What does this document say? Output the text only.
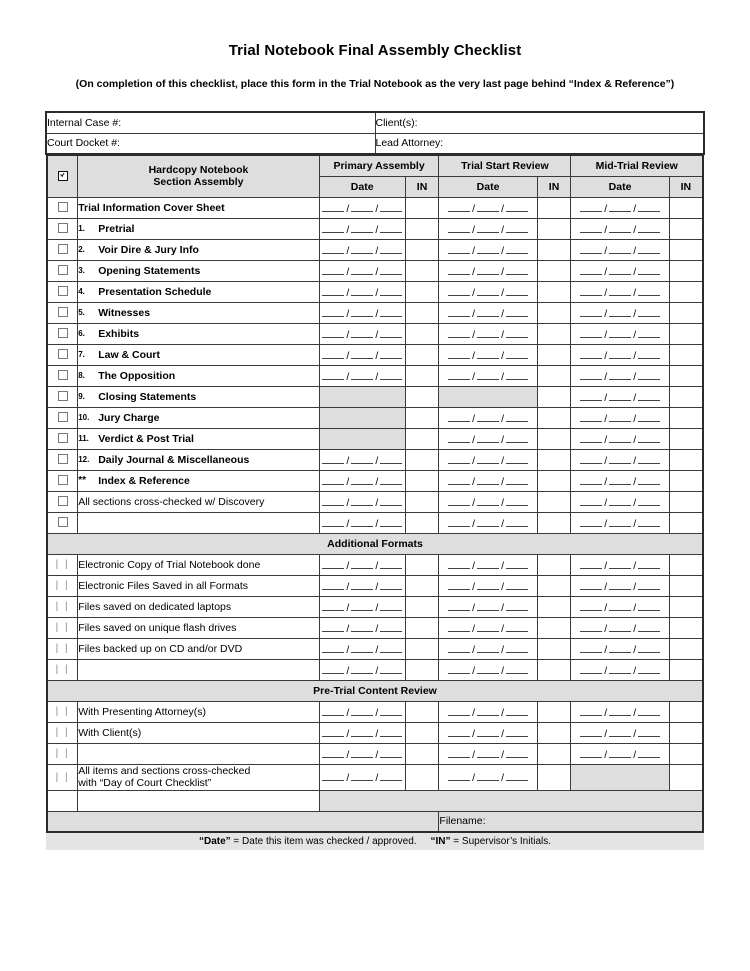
Trial Notebook Final Assembly Checklist

(On completion of this checklist, place this form in the Trial Notebook as the very last page behind “Index & Reference”)

Internal Case #:	Client(s):
Court Docket #:	Lead Attorney:

	Hardcopy Notebook
Section Assembly	Primary Assembly		Trial Start Review		Mid-Trial Review	
		Date	IN	Date	IN	Date	IN
	Trial Information Cover Sheet	/ /		/ /		/ /	
	1. Pretrial	/ /		/ /		/ /	
	2. Voir Dire & Jury Info	/ /		/ /		/ /	
	3. Opening Statements	/ /		/ /		/ /	
	4. Presentation Schedule	/ /		/ /		/ /	
	5. Witnesses	/ /		/ /		/ /	
	6. Exhibits	/ /		/ /		/ /	
	7. Law & Court	/ /		/ /		/ /	
	8. The Opposition	/ /		/ /		/ /	
	9. Closing Statements					/ /	
	10. Jury Charge			/ /		/ /	
	11. Verdict & Post Trial			/ /		/ /	
	12. Daily Journal & Miscellaneous	/ /		/ /		/ /	
	** Index & Reference	/ /		/ /		/ /	
	All sections cross-checked w/ Discovery	/ /		/ /		/ /	
		/ /		/ /		/ /	
Additional Formats							
| |	Electronic Copy of Trial Notebook done	/ /		/ /		/ /	
| |	Electronic Files Saved in all Formats	/ /		/ /		/ /	
| |	Files saved on dedicated laptops	/ /		/ /		/ /	
| |	Files saved on unique flash drives	/ /		/ /		/ /	
| |	Files backed up on CD and/or DVD	/ /		/ /		/ /	
| |		/ /		/ /		/ /	
Pre-Trial Content Review							
| |	With Presenting Attorney(s)	/ /		/ /		/ /	
| |	With Client(s)	/ /		/ /		/ /	
| |		/ /		/ /		/ /	
| |	All items and sections cross-checked
with “Day of Court Checklist”	/ /		/ /			

				Filename:			
“Date” = Date this item was checked / approved. “IN” = Supervisor’s Initials.
